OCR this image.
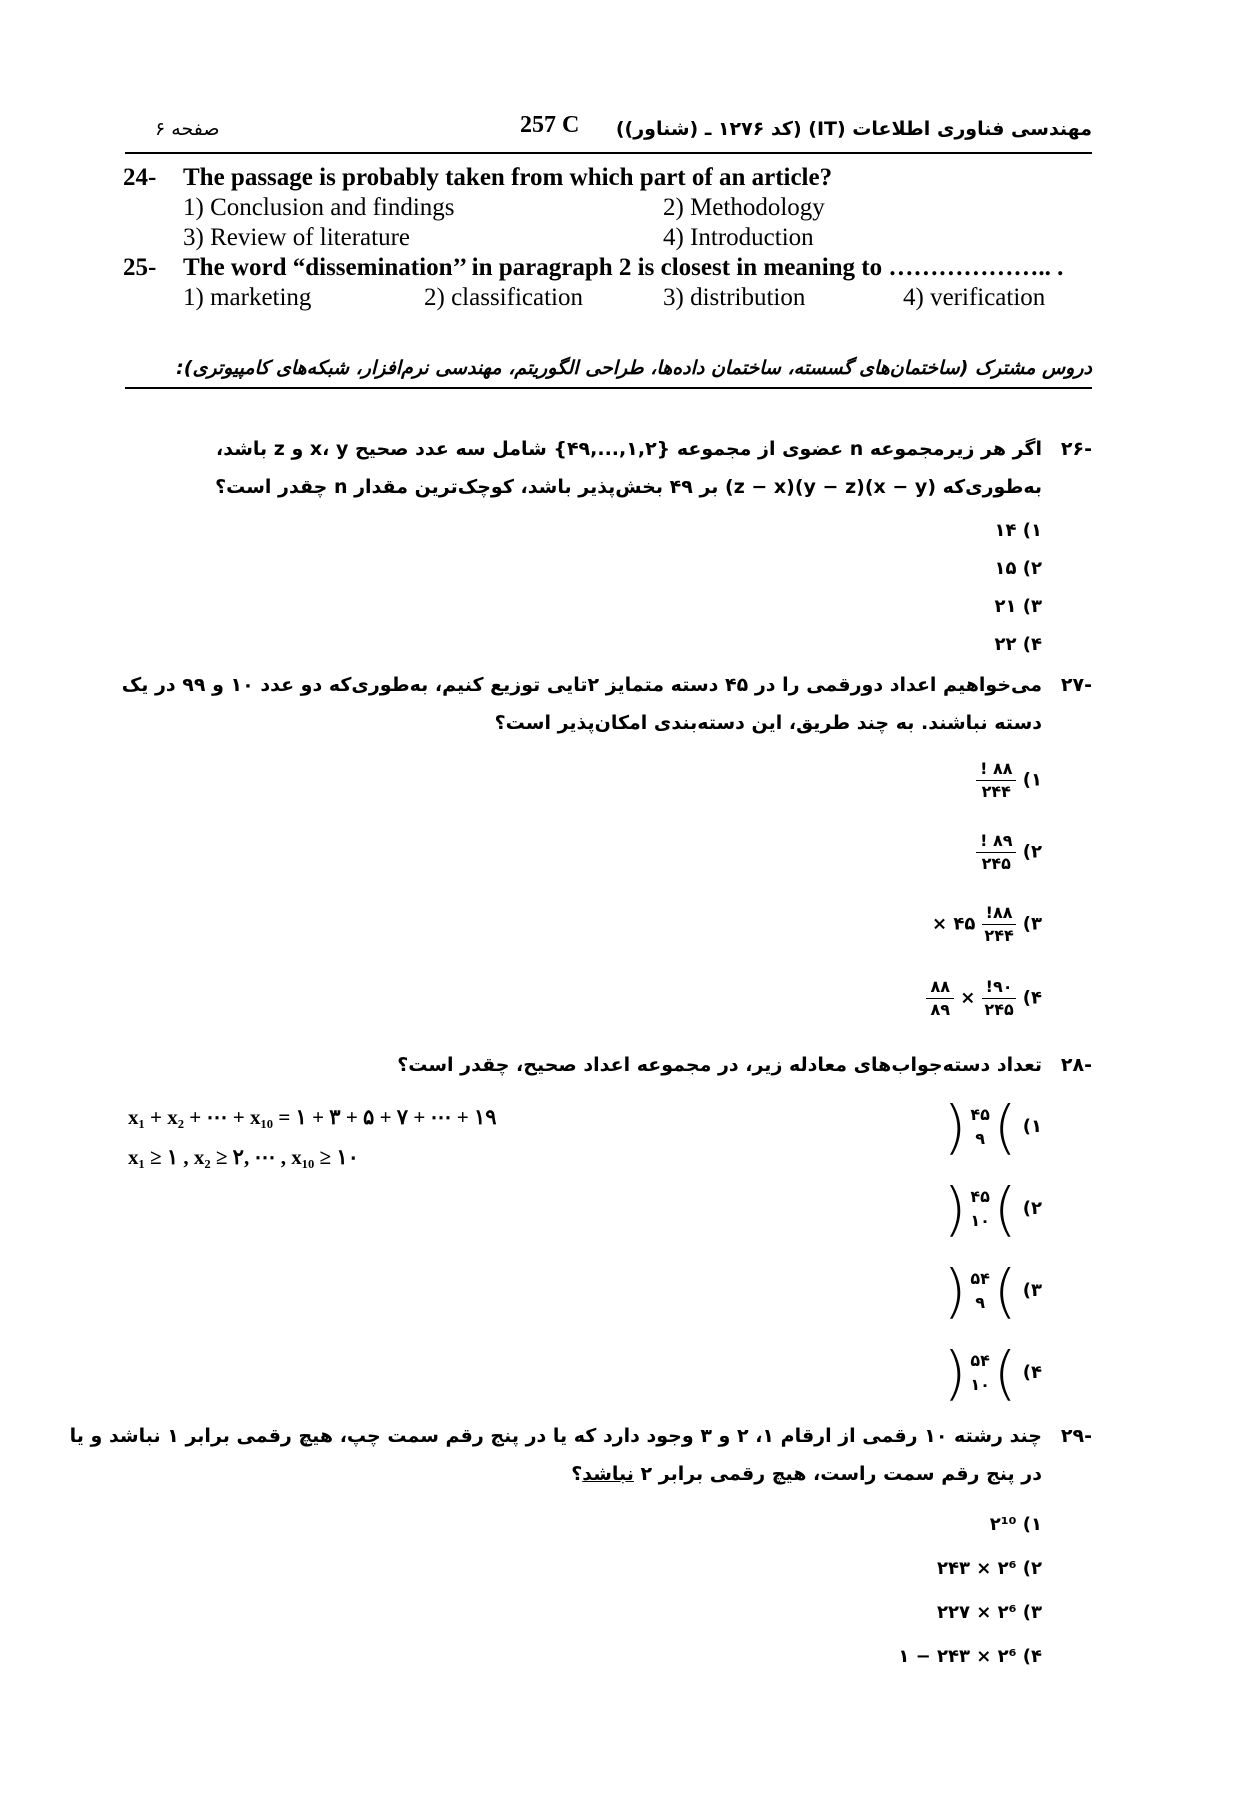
صفحه ۶	257 C مهندسی فناوری اطلاعات (IT) (کد ۱۲۷۶ ـ (شناور))
24- The passage is probably taken from which part of an article?
1) Conclusion and findings	2) Methodology
3) Review of literature	4) Introduction
25- The word “dissemination’’ in paragraph 2 is closest in meaning to ……………….. .
1) marketing	2) classification	3) distribution	4) verification
دروس مشترک (ساختمان‌های گسسته، ساختمان داده‌ها، طراحی الگوریتم، مهندسی نرم‌افزار، شبکه‌های کامپیوتری):
-۲۶
اگر هر زیرمجموعه n عضوی از مجموعه {۱,۲,...,۴۹} شامل سه عدد صحیح x، y و z باشد،
به‌طوری‌که (x − y)(y − z)(z − x) بر ۴۹ بخش‌پذیر باشد، کوچک‌ترین مقدار n چقدر است؟
۱) ۱۴
۲) ۱۵
۳) ۲۱
۴) ۲۲
-۲۷
می‌خواهیم اعداد دورقمی را در ۴۵ دسته متمایز ۲تایی توزیع کنیم، به‌طوری‌که دو عدد ۱۰ و ۹۹ در یک
دسته نباشند. به چند طریق، این دسته‌بندی امکان‌پذیر است؟
۱)
$\frac{۸۸ !}{۲۴۴}$
۲)
$\frac{۸۹ !}{۲۴۵}$
۳)
$\frac{۸۸!}{۲۴۴}$
۴۵ ×
۴)
$\frac{۹۰!}{۲۴۵}$
×
$\frac{۸۸}{۸۹}$
-۲۸
تعداد دسته‌جواب‌های معادله زیر، در مجموعه اعداد صحیح، چقدر است؟
x₁ + x₂ + ⋯ + x₁₀ = ۱ + ۳ + ۵ + ۷ + ⋯ + ۱۹
x₁ ≥ ۱ , x₂ ≥ ۲, ⋯ , x₁₀ ≥ ۱۰
۱)
)
۴۵
۹
(
۲)
)
۴۵
۱۰
(
۳)
)
۵۴
۹
(
۴)
)
۵۴
۱۰
(
-۲۹
چند رشته ۱۰ رقمی از ارقام ۱، ۲ و ۳ وجود دارد که یا در پنج رقم سمت چپ، هیچ رقمی برابر ۱ نباشد و یا
در پنج رقم سمت راست، هیچ رقمی برابر ۲ نباشد؟
۱) ۲¹⁰
۲) ۲⁶ × ۲۴۳
۳) ۲⁶ × ۲۲۷
۴) ۲⁶ × ۲۴۳ − ۱
